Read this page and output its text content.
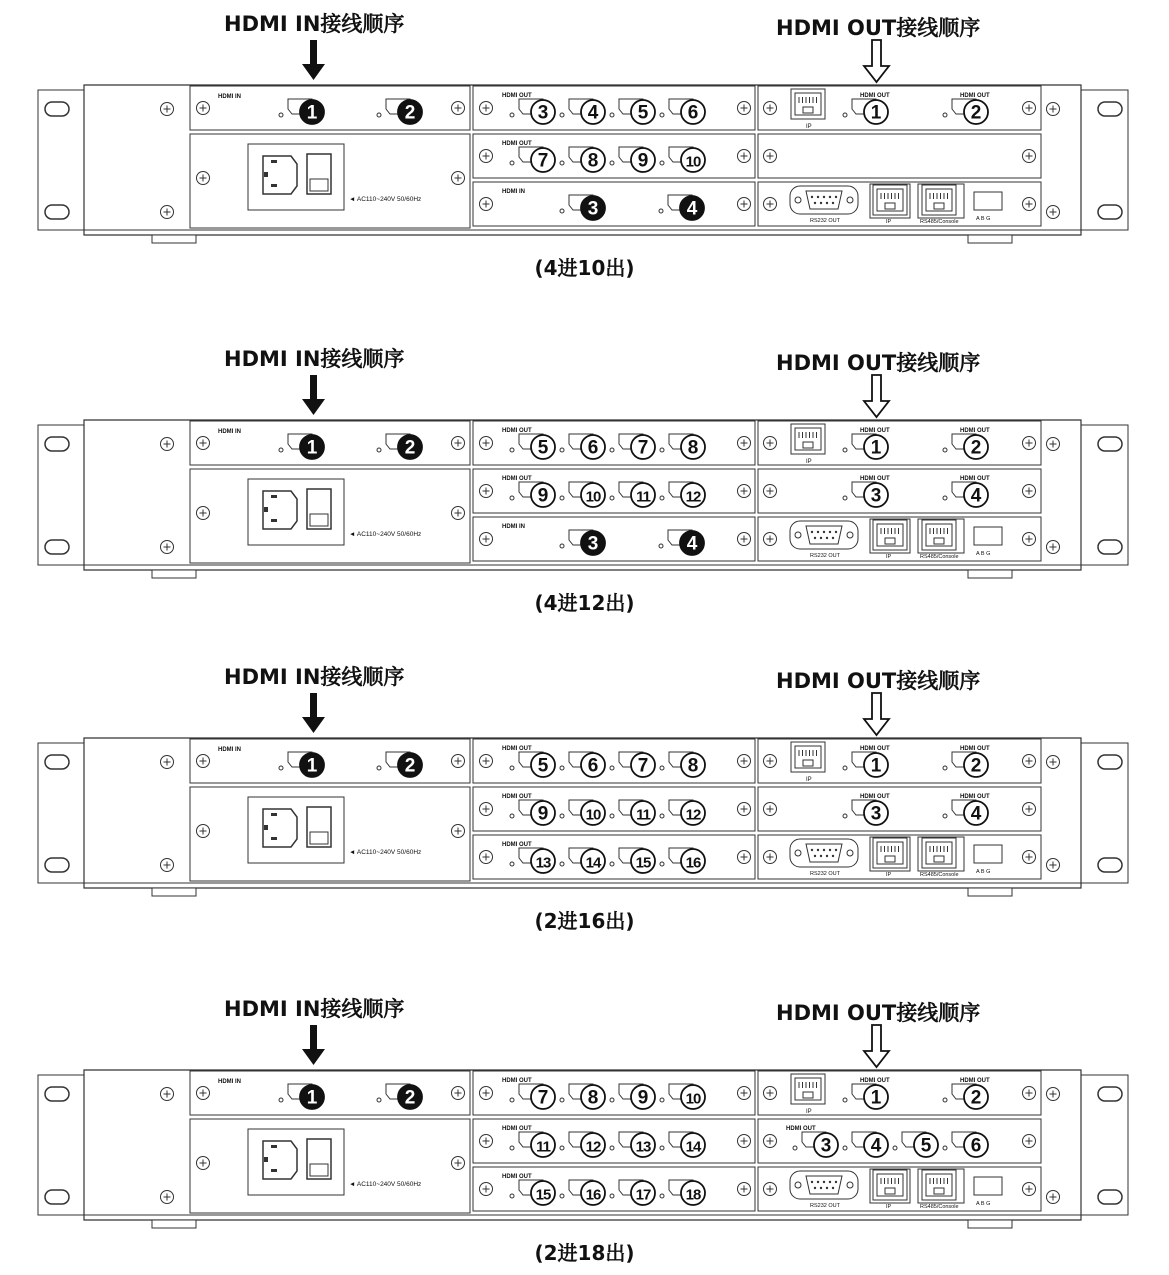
HDMI IN接线顺序	HDMI OUT接线顺序
(4进10出)
HDMI IN
1	2
◄ AC110~240V 50/60Hz
HDMI OUT
3 4 5 6
HDMI OUT
7 8 9 10
HDMI IN
3	4
IP
HDMI OUT	HDMI OUT
1	2
RS232 OUT	IP	RS485/Console	A B G
HDMI IN接线顺序	HDMI OUT接线顺序
(4进12出)
HDMI IN
1	2
◄ AC110~240V 50/60Hz
HDMI OUT
5 6 7 8
HDMI OUT
9 10 11 12
HDMI IN
3	4
IP
HDMI OUT	HDMI OUT
1	2
HDMI OUT	HDMI OUT
3	4
RS232 OUT	IP	RS485/Console	A B G
HDMI IN接线顺序	HDMI OUT接线顺序
(2进16出)
HDMI IN
1	2
◄ AC110~240V 50/60Hz
HDMI OUT
5 6 7 8
HDMI OUT
9 10 11 12
HDMI OUT
13 14 15 16
IP
HDMI OUT	HDMI OUT
1	2
HDMI OUT	HDMI OUT
3	4
RS232 OUT	IP	RS485/Console	A B G
HDMI IN接线顺序	HDMI OUT接线顺序
(2进18出)
HDMI IN
1	2
◄ AC110~240V 50/60Hz
HDMI OUT
7 8 9 10
HDMI OUT
11 12 13 14
HDMI OUT
15 16 17 18
IP
HDMI OUT	HDMI OUT
1	2
HDMI OUT
3 4 5 6
RS232 OUT	IP	RS485/Console	A B G
